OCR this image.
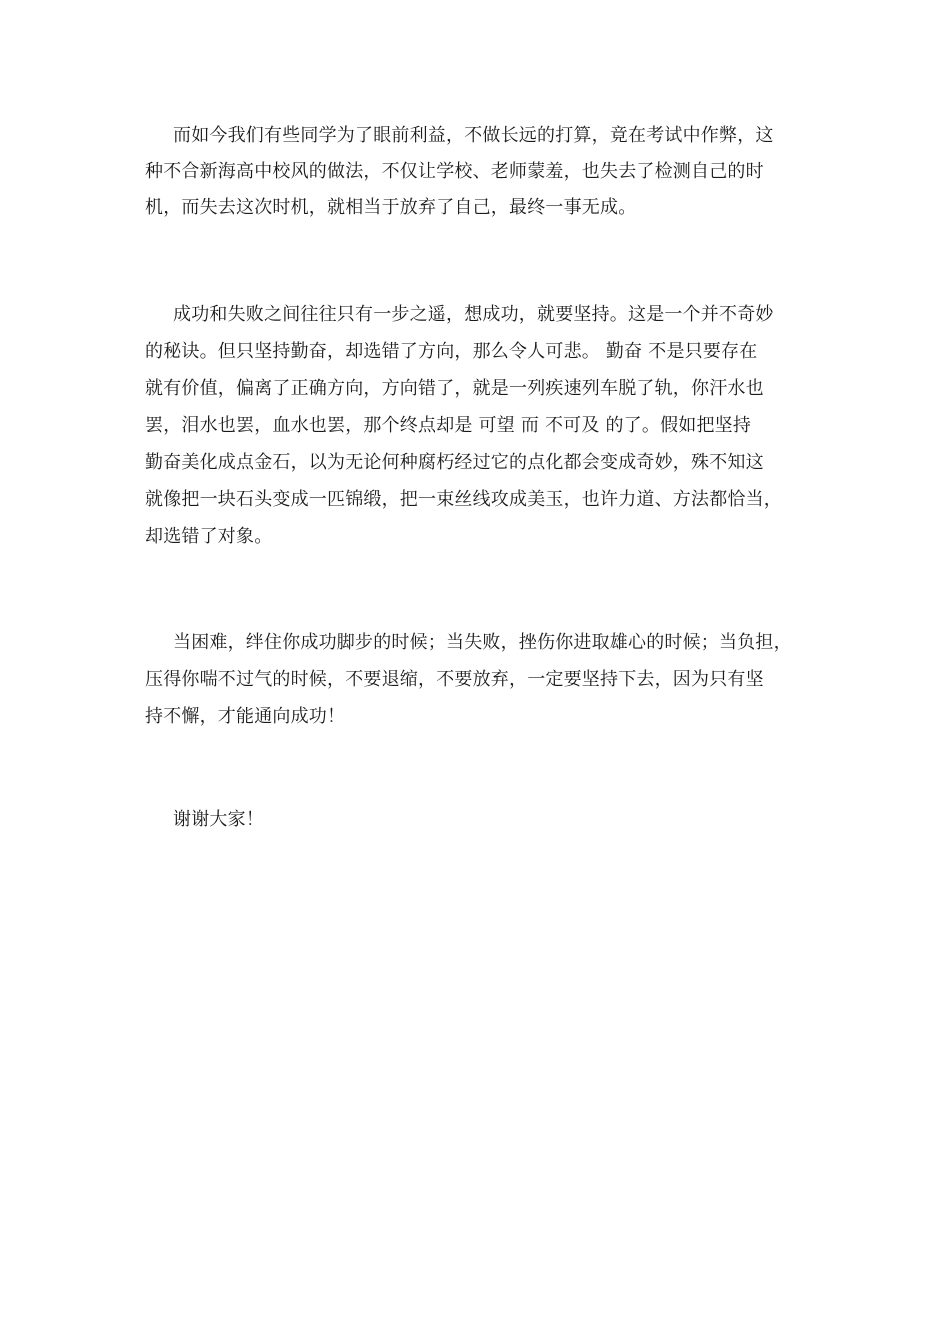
而如今我们有些同学为了眼前利益，不做长远的打算，竟在考试中作弊，这
种不合新海高中校风的做法，不仅让学校、老师蒙羞，也失去了检测自己的时
机，而失去这次时机，就相当于放弃了自己，最终一事无成。
成功和失败之间往往只有一步之遥，想成功，就要坚持。这是一个并不奇妙
的秘诀。但只坚持勤奋，却选错了方向，那么令人可悲。 勤奋 不是只要存在
就有价值，偏离了正确方向，方向错了，就是一列疾速列车脱了轨，你汗水也
罢，泪水也罢，血水也罢，那个终点却是 可望 而 不可及 的了。假如把坚持
勤奋美化成点金石，以为无论何种腐朽经过它的点化都会变成奇妙，殊不知这
就像把一块石头变成一匹锦缎，把一束丝线攻成美玉，也许力道、方法都恰当，
却选错了对象。
当困难，绊住你成功脚步的时候；当失败，挫伤你进取雄心的时候；当负担，
压得你喘不过气的时候，不要退缩，不要放弃，一定要坚持下去，因为只有坚
持不懈，才能通向成功！
谢谢大家！
